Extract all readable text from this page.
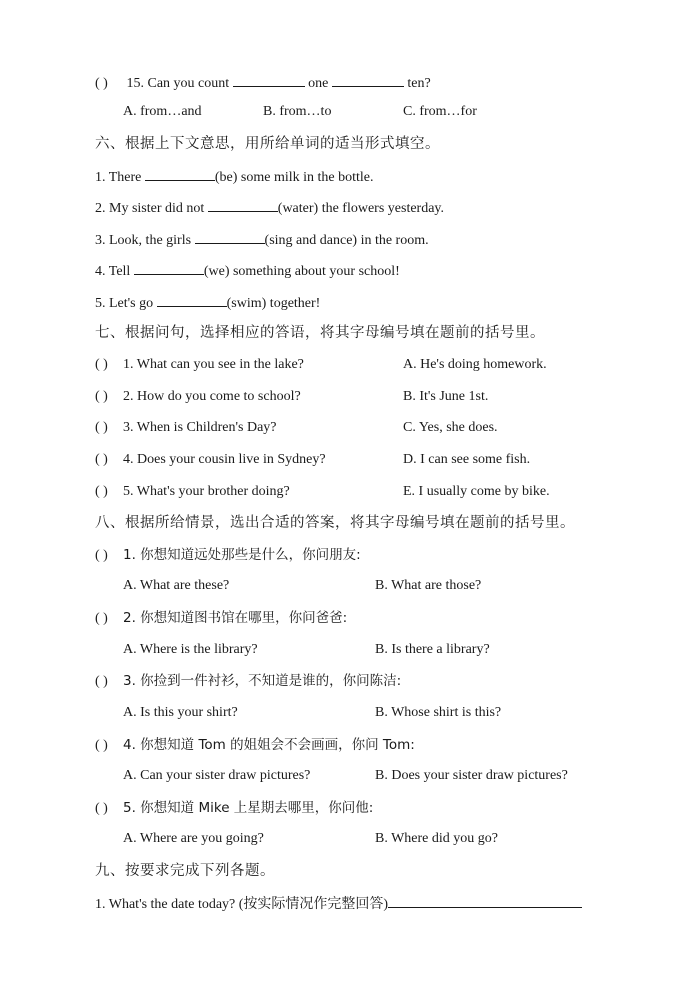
( ) 15. Can you count	one	ten?
A. from…and	B. from…to	C. from…for
六、根据上下文意思，用所给单词的适当形式填空。
1. There	(be) some milk in the bottle.
2. My sister did not	(water) the flowers yesterday.
3. Look, the girls	(sing and dance) in the room.
4. Tell	(we) something about your school!
5. Let's go	(swim) together!
七、根据问句，选择相应的答语，将其字母编号填在题前的括号里。
( ) 1. What can you see in the lake?	A. He's doing homework.
( ) 2. How do you come to school?	B. It's June 1st.
( ) 3. When is Children's Day?	C. Yes, she does.
( ) 4. Does your cousin live in Sydney?	D. I can see some fish.
( ) 5. What's your brother doing?	E. I usually come by bike.
八、根据所给情景，选出合适的答案，将其字母编号填在题前的括号里。
( ) 1. 你想知道远处那些是什么，你问朋友:
A. What are these?	B. What are those?
( ) 2. 你想知道图书馆在哪里，你问爸爸:
A. Where is the library?	B. Is there a library?
( ) 3. 你捡到一件衬衫，不知道是谁的，你问陈洁:
A. Is this your shirt?	B. Whose shirt is this?
( ) 4. 你想知道 Tom 的姐姐会不会画画，你问 Tom:
A. Can your sister draw pictures?	B. Does your sister draw pictures?
( ) 5. 你想知道 Mike 上星期去哪里，你问他:
A. Where are you going?	B. Where did you go?
九、按要求完成下列各题。
1. What's the date today? (按实际情况作完整回答)
